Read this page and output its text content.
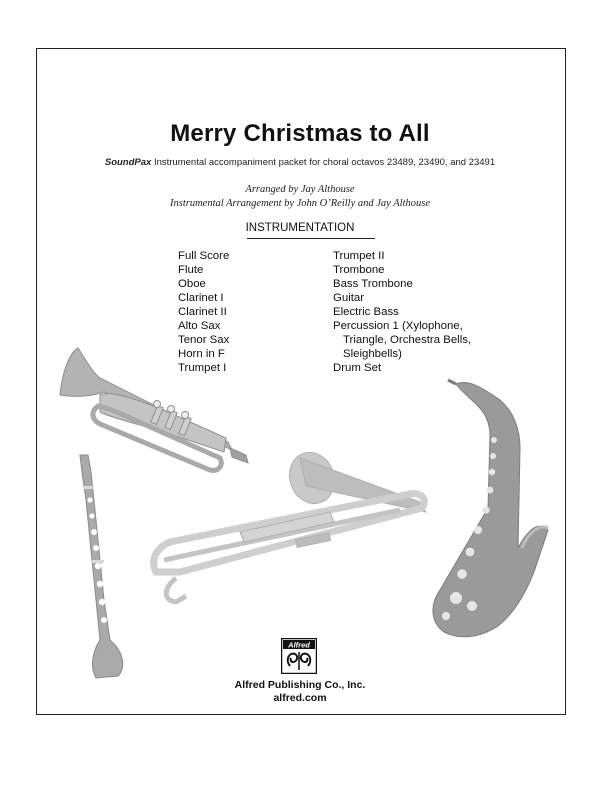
Merry Christmas to All
SoundPax Instrumental accompaniment packet for choral octavos 23489, 23490, and 23491
Arranged by Jay Althouse
Instrumental Arrangement by John O’Reilly and Jay Althouse
INSTRUMENTATION
Full Score
Flute
Oboe
Clarinet I
Clarinet II
Alto Sax
Tenor Sax
Horn in F
Trumpet I
Trumpet II
Trombone
Bass Trombone
Guitar
Electric Bass
Percussion 1 (Xylophone,
Triangle, Orchestra Bells,
Sleighbells)
Drum Set
Alfred
Alfred Publishing Co., Inc.
alfred.com
